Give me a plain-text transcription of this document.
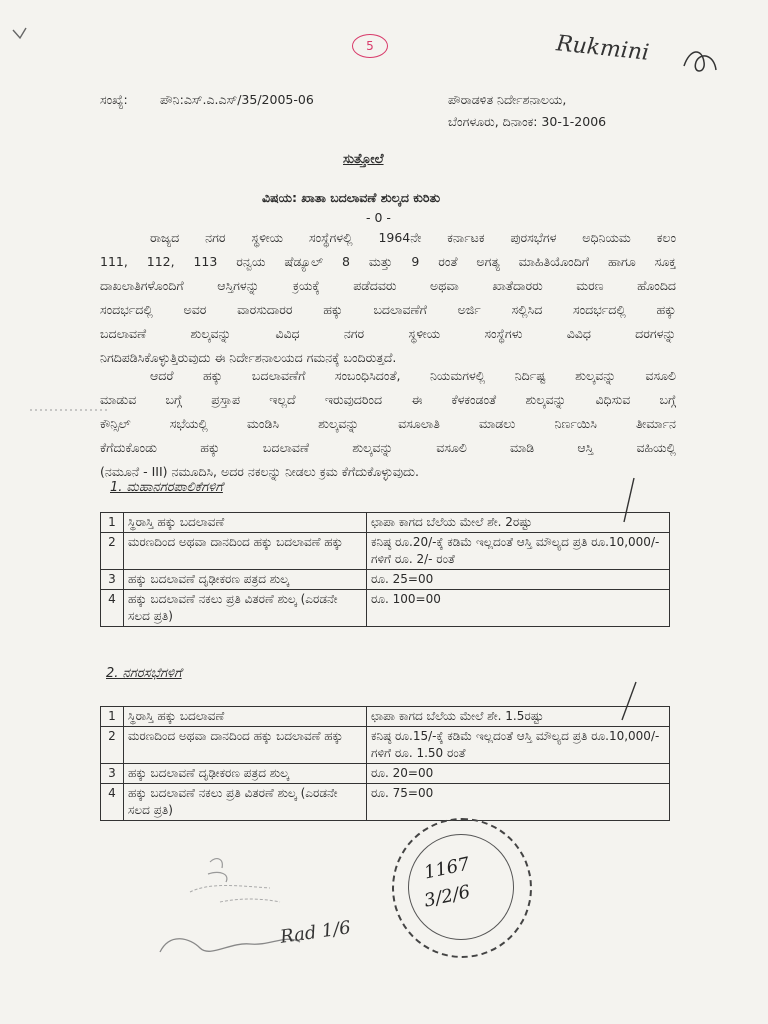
5	Rukmini
ಸಂಖ್ಯೆ:	ಪೌನಿ:ಎಸ್.ಎ.ಎಸ್/35/2005-06	ಪೌರಾಡಳಿತ ನಿರ್ದೇಶನಾಲಯ,
ಬೆಂಗಳೂರು, ದಿನಾಂಕ: 30-1-2006
ಸುತ್ತೋಲೆ
ವಿಷಯ: ಖಾತಾ ಬದಲಾವಣೆ ಶುಲ್ಕದ ಕುರಿತು
- 0 -
ರಾಜ್ಯದ ನಗರ ಸ್ಥಳೀಯ ಸಂಸ್ಥೆಗಳಲ್ಲಿ 1964ನೇ ಕರ್ನಾಟಕ ಪುರಸಭೆಗಳ ಅಧಿನಿಯಮ ಕಲಂ
111, 112, 113 ರನ್ವಯ ಷೆಡ್ಯೂಲ್ 8 ಮತ್ತು 9 ರಂತೆ ಅಗತ್ಯ ಮಾಹಿತಿಯೊಂದಿಗೆ ಹಾಗೂ ಸೂಕ್ತ
ದಾಖಲಾತಿಗಳೊಂದಿಗೆ ಆಸ್ತಿಗಳನ್ನು ಕ್ರಯಕ್ಕೆ ಪಡೆದವರು ಅಥವಾ ಖಾತೆದಾರರು ಮರಣ ಹೊಂದಿದ
ಸಂದರ್ಭದಲ್ಲಿ ಅವರ ವಾರಸುದಾರರ ಹಕ್ಕು ಬದಲಾವಣೆಗೆ ಅರ್ಜಿ ಸಲ್ಲಿಸಿದ ಸಂದರ್ಭದಲ್ಲಿ ಹಕ್ಕು
ಬದಲಾವಣೆ ಶುಲ್ಕವನ್ನು ವಿವಿಧ ನಗರ ಸ್ಥಳೀಯ ಸಂಸ್ಥೆಗಳು ವಿವಿಧ ದರಗಳನ್ನು
ನಿಗದಿಪಡಿಸಿಕೊಳ್ಳುತ್ತಿರುವುದು ಈ ನಿರ್ದೇಶನಾಲಯದ ಗಮನಕ್ಕೆ ಬಂದಿರುತ್ತದೆ.
ಆದರೆ ಹಕ್ಕು ಬದಲಾವಣೆಗೆ ಸಂಬಂಧಿಸಿದಂತೆ, ನಿಯಮಗಳಲ್ಲಿ ನಿರ್ದಿಷ್ಟ ಶುಲ್ಕವನ್ನು ವಸೂಲಿ
ಮಾಡುವ ಬಗ್ಗೆ ಪ್ರಸ್ತಾಪ ಇಲ್ಲದೆ ಇರುವುದರಿಂದ ಈ ಕೆಳಕಂಡಂತೆ ಶುಲ್ಕವನ್ನು ವಿಧಿಸುವ ಬಗ್ಗೆ
ಕೌನ್ಸಿಲ್ ಸಭೆಯಲ್ಲಿ ಮಂಡಿಸಿ ಶುಲ್ಕವನ್ನು ವಸೂಲಾತಿ ಮಾಡಲು ನಿರ್ಣಯಿಸಿ ತೀರ್ಮಾನ
ಕೆಗೆದುಕೊಂಡು ಹಕ್ಕು ಬದಲಾವಣೆ ಶುಲ್ಕವನ್ನು ವಸೂಲಿ ಮಾಡಿ ಆಸ್ತಿ ವಹಿಯಲ್ಲಿ
(ನಮೂನೆ - III) ನಮೂದಿಸಿ, ಅದರ ನಕಲನ್ನು ನೀಡಲು ಕ್ರಮ ಕೆಗೆದುಕೊಳ್ಳುವುದು.
1. ಮಹಾನಗರಪಾಲಿಕೆಗಳಿಗೆ
1	ಸ್ಥಿರಾಸ್ತಿ ಹಕ್ಕು ಬದಲಾವಣೆ	ಛಾಪಾ ಕಾಗದ ಬೆಲೆಯ ಮೇಲೆ ಶೇ. 2ರಷ್ಟು
2	ಮರಣದಿಂದ ಅಥವಾ ದಾನದಿಂದ ಹಕ್ಕು ಬದಲಾವಣೆ ಹಕ್ಕು	ಕನಿಷ್ಠ ರೂ.20/-ಕ್ಕೆ ಕಡಿಮೆ ಇಲ್ಲದಂತೆ ಆಸ್ತಿ ಮೌಲ್ಯದ ಪ್ರತಿ ರೂ.10,000/- ಗಳಿಗೆ ರೂ. 2/- ರಂತೆ
3	ಹಕ್ಕು ಬದಲಾವಣೆ ದೃಢೀಕರಣ ಪತ್ರದ ಶುಲ್ಕ	ರೂ. 25=00
4	ಹಕ್ಕು ಬದಲಾವಣೆ ನಕಲು ಪ್ರತಿ ವಿತರಣೆ ಶುಲ್ಕ (ಎರಡನೇ ಸಲದ ಪ್ರತಿ)	ರೂ. 100=00
2. ನಗರಸಭೆಗಳಿಗೆ
1	ಸ್ಥಿರಾಸ್ತಿ ಹಕ್ಕು ಬದಲಾವಣೆ	ಛಾಪಾ ಕಾಗದ ಬೆಲೆಯ ಮೇಲೆ ಶೇ. 1.5ರಷ್ಟು
2	ಮರಣದಿಂದ ಅಥವಾ ದಾನದಿಂದ ಹಕ್ಕು ಬದಲಾವಣೆ ಹಕ್ಕು	ಕನಿಷ್ಠ ರೂ.15/-ಕ್ಕೆ ಕಡಿಮೆ ಇಲ್ಲದಂತೆ ಆಸ್ತಿ ಮೌಲ್ಯದ ಪ್ರತಿ ರೂ.10,000/- ಗಳಿಗೆ ರೂ. 1.50 ರಂತೆ
3	ಹಕ್ಕು ಬದಲಾವಣೆ ದೃಢೀಕರಣ ಪತ್ರದ ಶುಲ್ಕ	ರೂ. 20=00
4	ಹಕ್ಕು ಬದಲಾವಣೆ ನಕಲು ಪ್ರತಿ ವಿತರಣೆ ಶುಲ್ಕ (ಎರಡನೇ ಸಲದ ಪ್ರತಿ)	ರೂ. 75=00
1167
3/2/6
Rad 1/6
